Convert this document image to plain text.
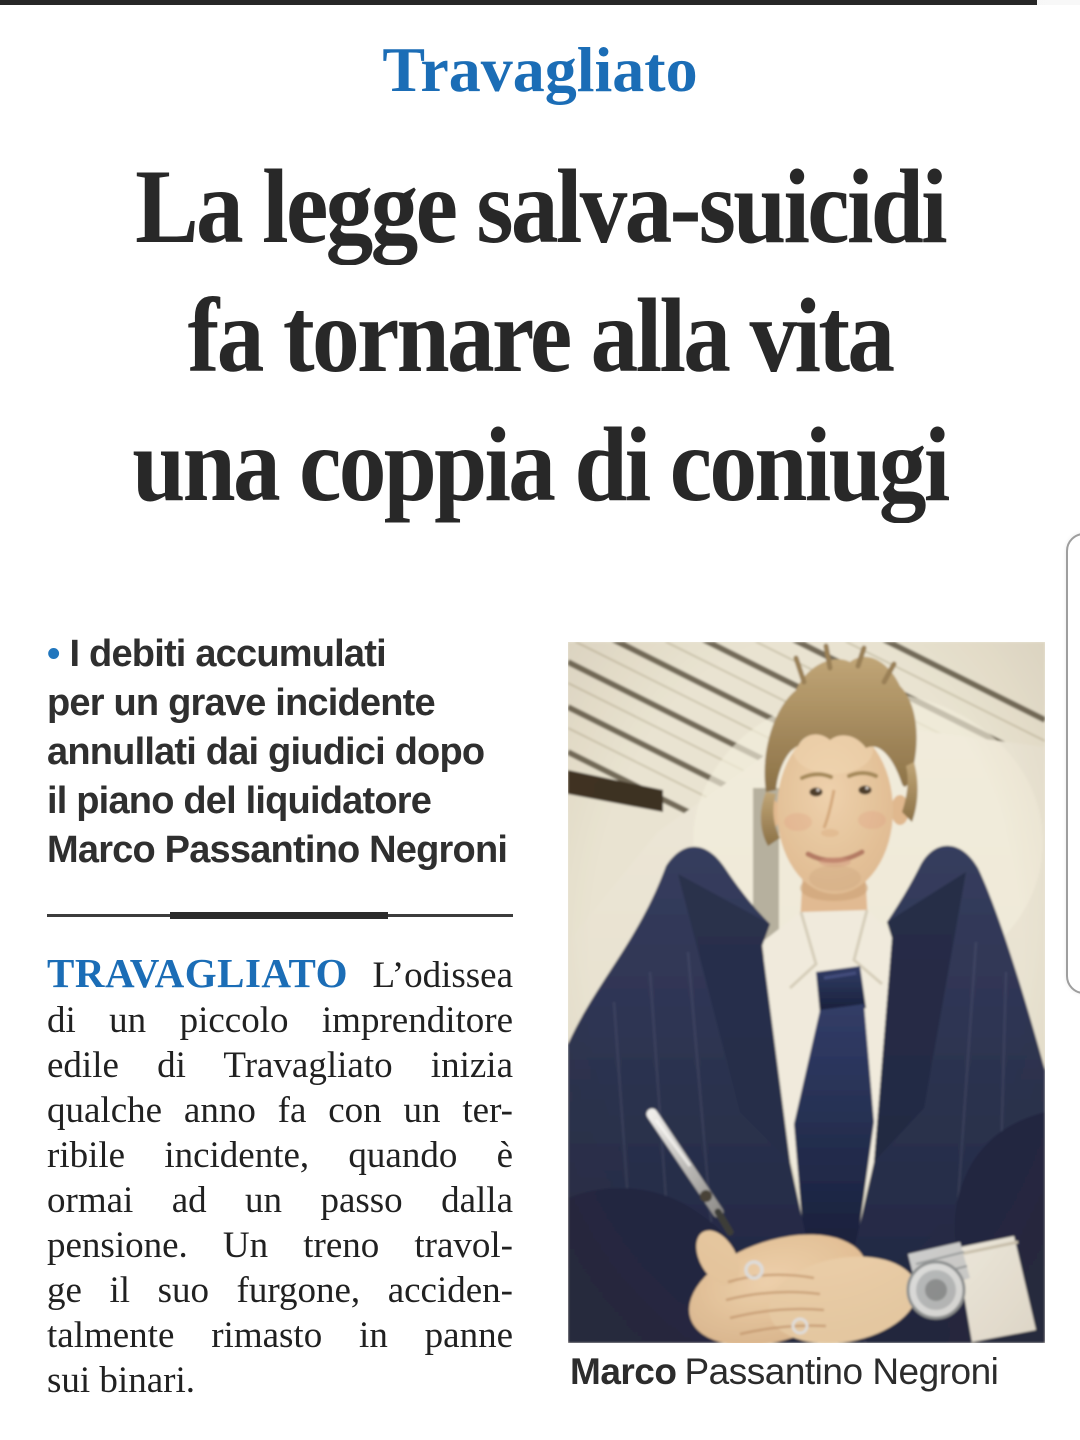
Travagliato
La legge salva-suicidi
fa tornare alla vita
una coppia di coniugi
• I debiti accumulati
per un grave incidente
annullati dai giudici dopo
il piano del liquidatore
Marco Passantino Negroni
TRAVAGLIATO L’odissea
di un piccolo imprenditore
edile di Travagliato inizia
qualche anno fa con un ter-
ribile incidente, quando è
ormai ad un passo dalla
pensione. Un treno travol-
ge il suo furgone, acciden-
talmente rimasto in panne
sui binari.	Marco Passantino Negroni
